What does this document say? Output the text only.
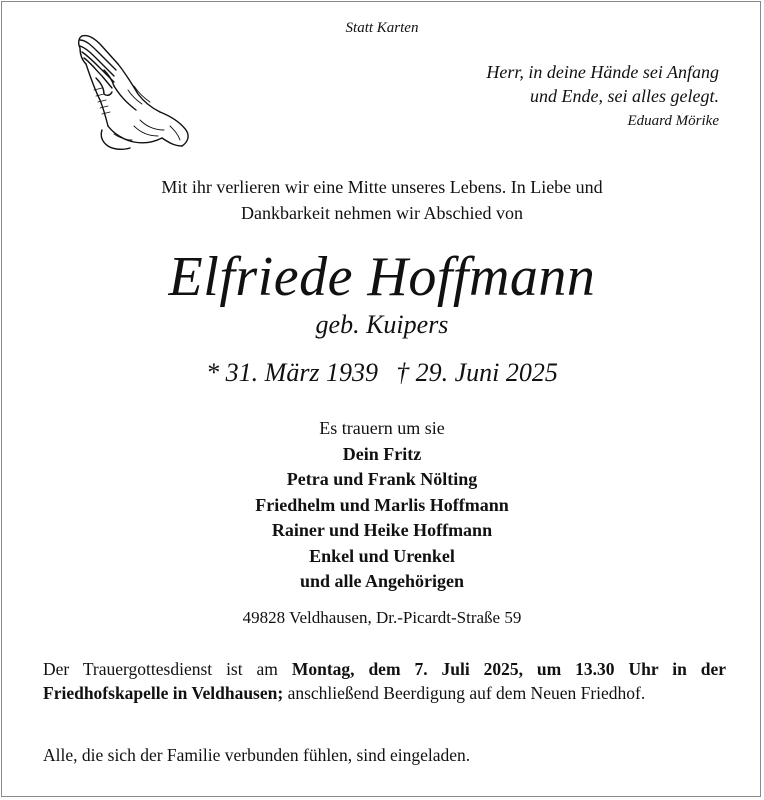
Statt Karten
Herr, in deine Hände sei Anfang
und Ende, sei alles gelegt.
Eduard Mörike
Mit ihr verlieren wir eine Mitte unseres Lebens. In Liebe und
Dankbarkeit nehmen wir Abschied von
Elfriede Hoffmann
geb. Kuipers
* 31. März 1939 † 29. Juni 2025
Es trauern um sie
Dein Fritz
Petra und Frank Nölting
Friedhelm und Marlis Hoffmann
Rainer und Heike Hoffmann
Enkel und Urenkel
und alle Angehörigen
49828 Veldhausen, Dr.-Picardt-Straße 59
Der Trauergottesdienst ist am Montag, dem 7. Juli 2025, um 13.30 Uhr in der Friedhofskapelle in Veldhausen; anschließend Beerdigung auf dem Neuen Friedhof.
Alle, die sich der Familie verbunden fühlen, sind eingeladen.
